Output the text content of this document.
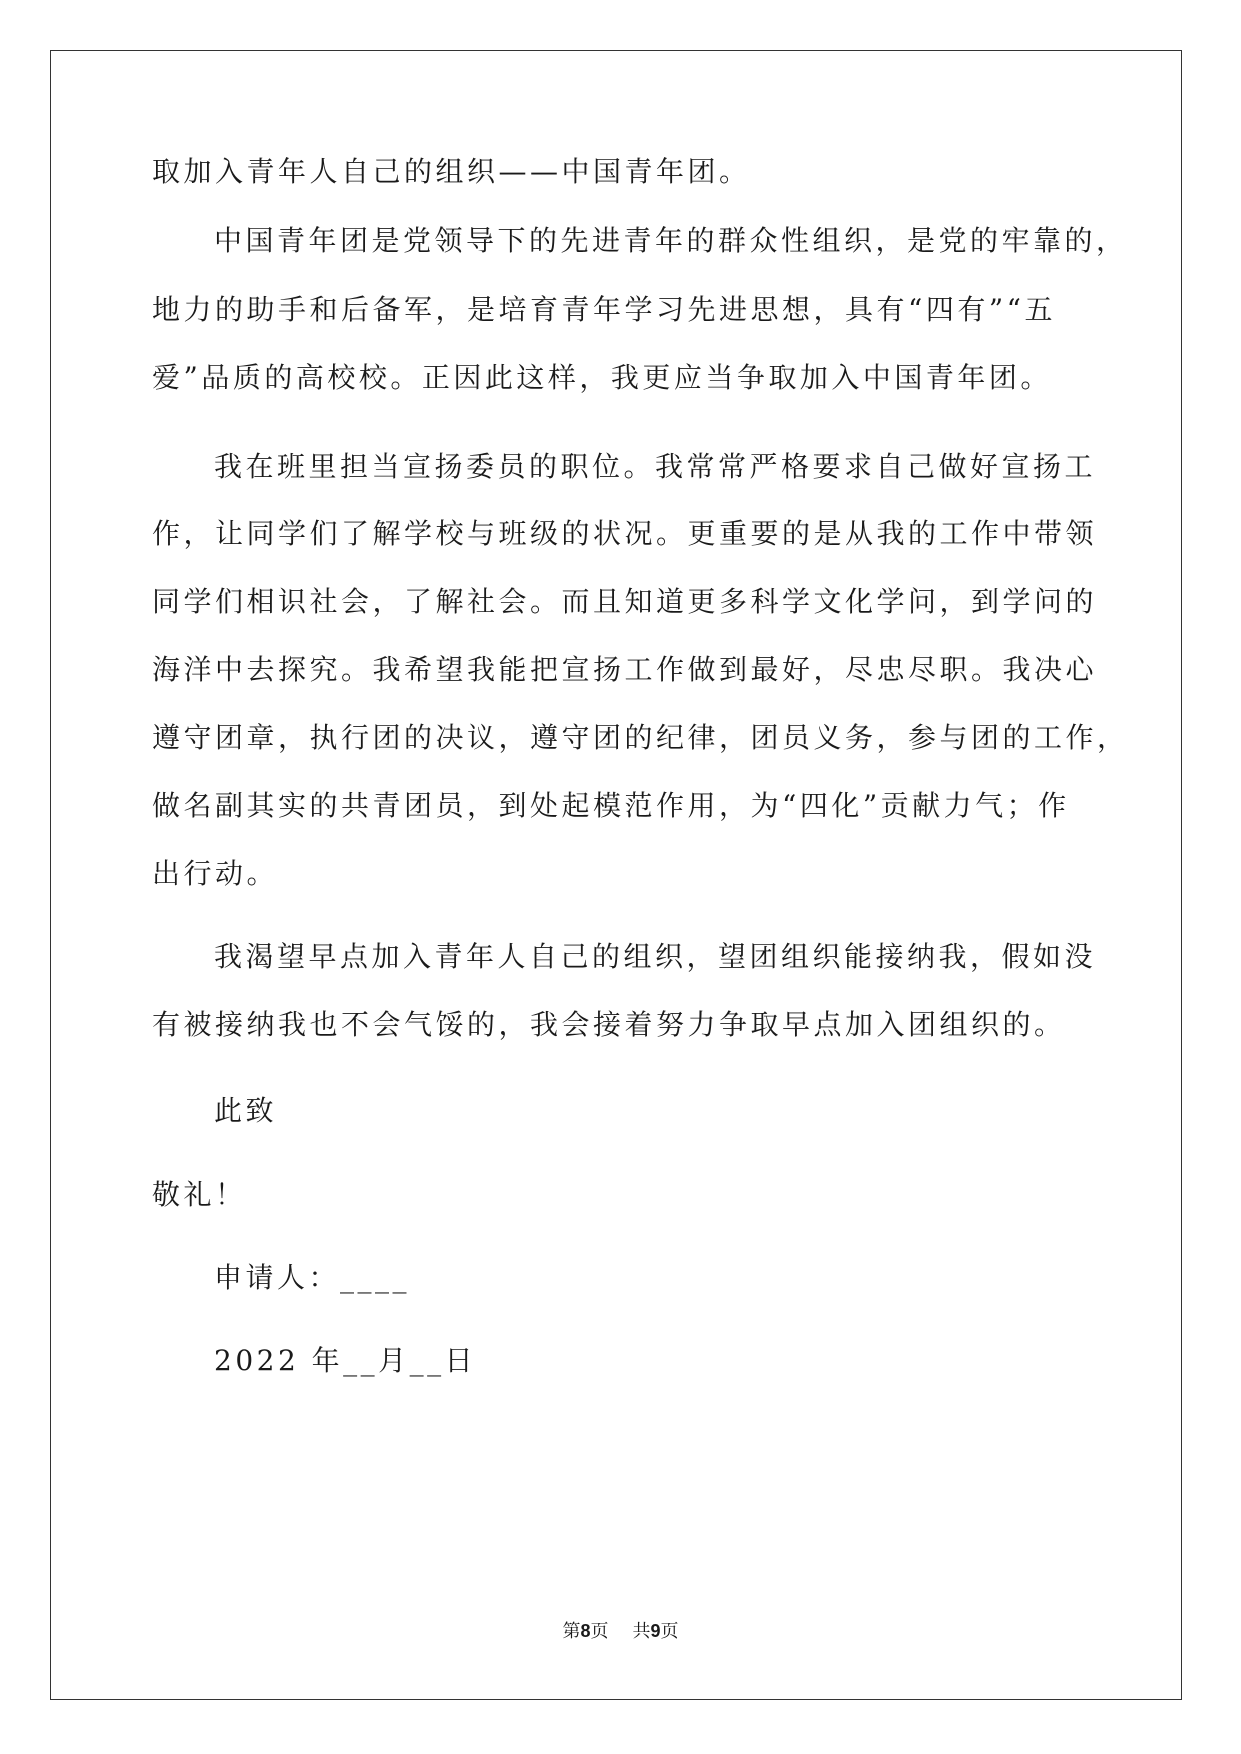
取加入青年人自己的组织——中国青年团。
中国青年团是党领导下的先进青年的群众性组织，是党的牢靠的，
地力的助手和后备军，是培育青年学习先进思想，具有“四有”“五
爱”品质的高校校。正因此这样，我更应当争取加入中国青年团。
我在班里担当宣扬委员的职位。我常常严格要求自己做好宣扬工
作，让同学们了解学校与班级的状况。更重要的是从我的工作中带领
同学们相识社会，了解社会。而且知道更多科学文化学问，到学问的
海洋中去探究。我希望我能把宣扬工作做到最好，尽忠尽职。我决心
遵守团章，执行团的决议，遵守团的纪律，团员义务，参与团的工作，
做名副其实的共青团员，到处起模范作用，为“四化”贡献力气；作
出行动。
我渴望早点加入青年人自己的组织，望团组织能接纳我，假如没
有被接纳我也不会气馁的，我会接着努力争取早点加入团组织的。
此致
敬礼！
申请人：____
2022 年__月__日
第8页 共9页
